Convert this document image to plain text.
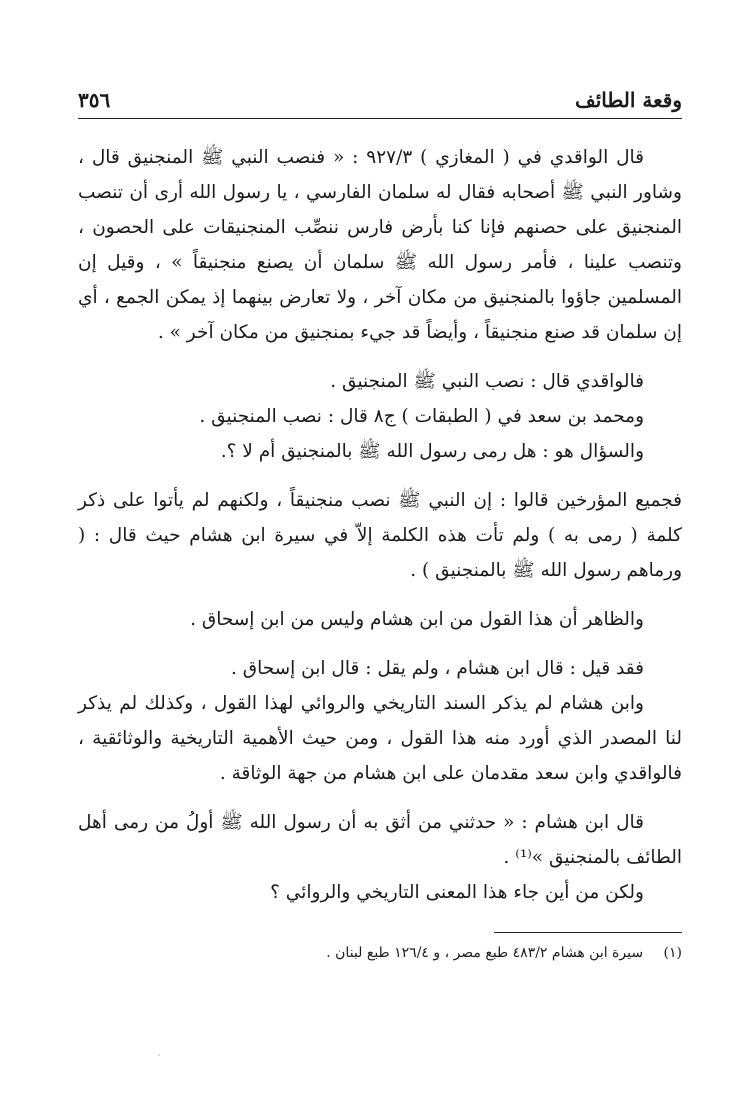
وقعة الطائف
٣٥٦

قال الواقدي في ( المغازي ) ٩٢٧/٣ : « فنصب النبي ﷺ المنجنيق قال ، وشاور النبي ﷺ أصحابه فقال له سلمان الفارسي ، يا رسول الله أرى أن تنصب المنجنيق على حصنهم فإنا كنا بأرض فارس ننصِّب المنجنيقات على الحصون ، وتنصب علينا ، فأمر رسول الله ﷺ سلمان أن يصنع منجنيقاً » ، وقيل إن المسلمين جاؤوا بالمنجنيق من مكان آخر ، ولا تعارض بينهما إذ يمكن الجمع ، أي إن سلمان قد صنع منجنيقاً ، وأيضاً قد جيء بمنجنيق من مكان آخر » .

فالواقدي قال : نصب النبي ﷺ المنجنيق .

ومحمد بن سعد في ( الطبقات ) ج٨ قال : نصب المنجنيق .

والسؤال هو : هل رمى رسول الله ﷺ بالمنجنيق أم لا ؟.

فجميع المؤرخين قالوا : إن النبي ﷺ نصب منجنيقاً ، ولكنهم لم يأتوا على ذكر كلمة ( رمى به ) ولم تأت هذه الكلمة إلاّ في سيرة ابن هشام حيث قال : ( ورماهم رسول الله ﷺ بالمنجنيق ) .

والظاهر أن هذا القول من ابن هشام وليس من ابن إسحاق .

فقد قيل : قال ابن هشام ، ولم يقل : قال ابن إسحاق .

وابن هشام لم يذكر السند التاريخي والروائي لهذا القول ، وكذلك لم يذكر لنا المصدر الذي أورد منه هذا القول ، ومن حيث الأهمية التاريخية والوثائقية ، فالواقدي وابن سعد مقدمان على ابن هشام من جهة الوثاقة .

قال ابن هشام : « حدثني من أثق به أن رسول الله ﷺ أولُ من رمى أهل الطائف بالمنجنيق »⁽¹⁾ .

ولكن من أين جاء هذا المعنى التاريخي والروائي ؟

(١) سيرة ابن هشام ٤٨٣/٢ طبع مصر ، و ١٢٦/٤ طبع لبنان .
